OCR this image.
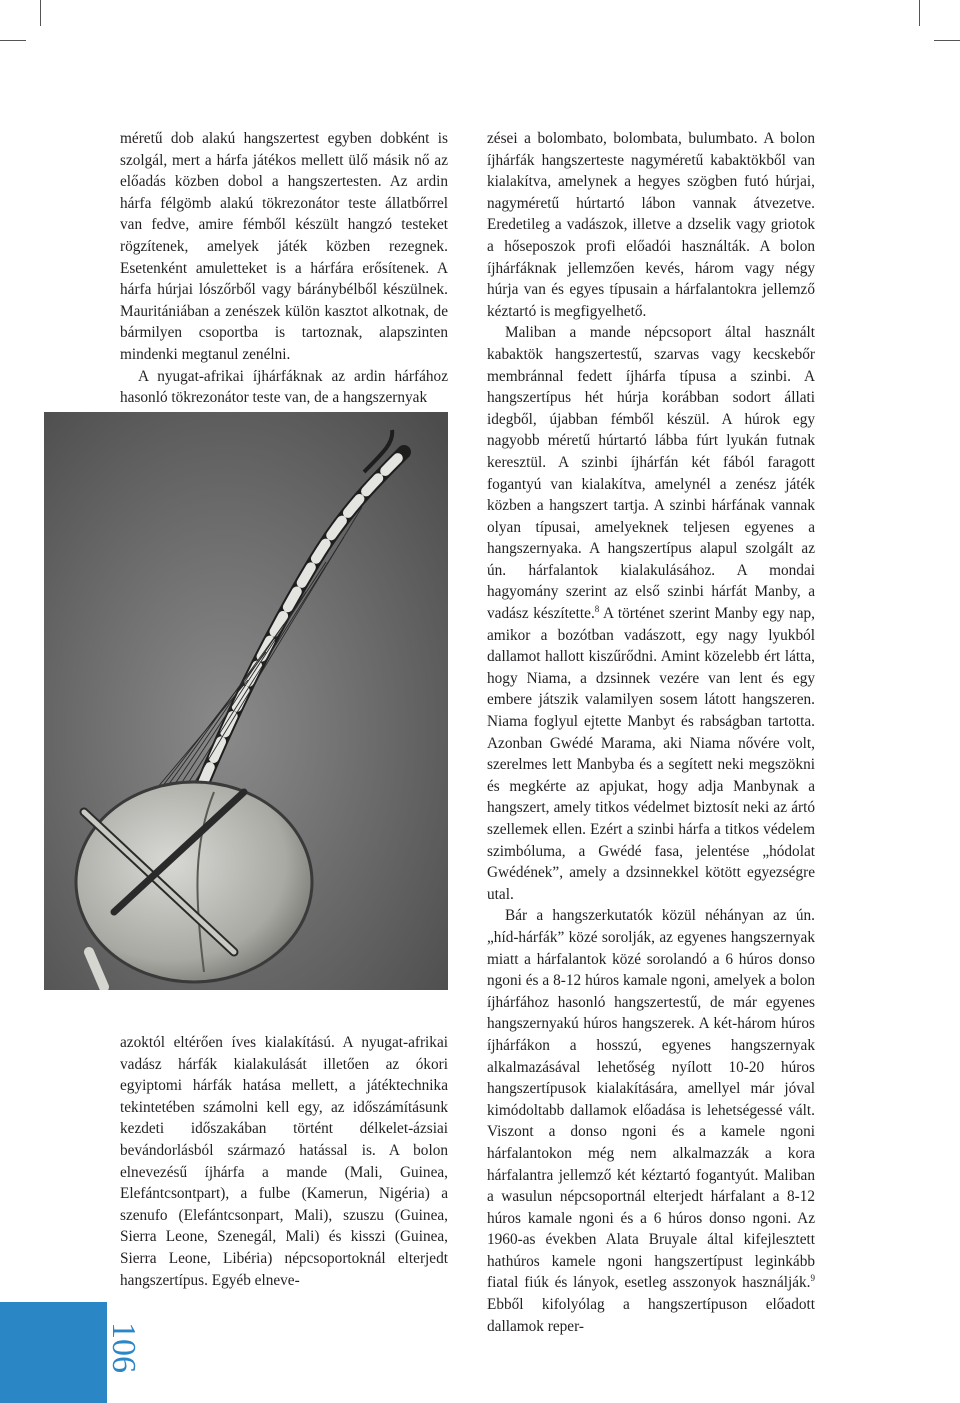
méretű dob alakú hangszertest egyben dobként is szolgál, mert a hárfa játékos mellett ülő másik nő az előadás közben dobol a hangszertesten. Az ardin hárfa félgömb alakú tökrezonátor teste állatbőrrel van fedve, amire fémből készült hangzó testeket rögzítenek, amelyek játék közben rezegnek. Esetenként amuletteket is a hárfára erősítenek. A hárfa húrjai lószőrből vagy báránybélből készülnek. Mauritániában a zenészek külön kasztot alkotnak, de bármilyen csoportba is tartoznak, alapszinten mindenki megtanul zenélni.

A nyugat-afrikai íjhárfáknak az ardin hárfához hasonló tökrezonátor teste van, de a hangszernyak

azoktól eltérően íves kialakítású. A nyugat-afrikai vadász hárfák kialakulását illetően az ókori egyiptomi hárfák hatása mellett, a játéktechnika tekintetében számolni kell egy, az időszámításunk kezdeti időszakában történt délkelet-ázsiai bevándorlásból származó hatással is. A bolon elnevezésű íjhárfa a mande (Mali, Guinea, Elefántcsontpart), a fulbe (Kamerun, Nigéria) a szenufo (Elefántcsonpart, Mali), szuszu (Guinea, Sierra Leone, Szenegál, Mali) és kisszi (Guinea, Sierra Leone, Libéria) népcsoportoknál elterjedt hangszertípus. Egyéb elneve-

zései a bolombato, bolombata, bulumbato. A bolon íjhárfák hangszerteste nagyméretű kabaktökből van kialakítva, amelynek a hegyes szögben futó húrjai, nagyméretű húrtartó lábon vannak átvezetve. Eredetileg a vadászok, illetve a dzselik vagy griotok a hőseposzok profi előadói használták. A bolon íjhárfáknak jellemzően kevés, három vagy négy húrja van és egyes típusain a hárfalantokra jellemző kéztartó is megfigyelhető.

Maliban a mande népcsoport által használt kabaktök hangszertestű, szarvas vagy kecskebőr membránnal fedett íjhárfa típusa a szinbi. A hangszertípus hét húrja korábban sodort állati idegből, újabban fémből készül. A húrok egy nagyobb méretű húrtartó lábba fúrt lyukán futnak keresztül. A szinbi íjhárfán két fából faragott fogantyú van kialakítva, amelynél a zenész játék közben a hangszert tartja. A szinbi hárfának vannak olyan típusai, amelyeknek teljesen egyenes a hangszernyaka. A hangszertípus alapul szolgált az ún. hárfalantok kialakulásához. A mondai hagyomány szerint az első szinbi hárfát Manby, a vadász készítette.$^8$ A történet szerint Manby egy nap, amikor a bozótban vadászott, egy nagy lyukból dallamot hallott kiszűrődni. Amint közelebb ért látta, hogy Niama, a dzsinnek vezére van lent és egy embere játszik valamilyen sosem látott hangszeren. Niama foglyul ejtette Manbyt és rabságban tartotta. Azonban Gwédé Marama, aki Niama nővére volt, szerelmes lett Manbyba és a segített neki megszökni és megkérte az apjukat, hogy adja Manbynak a hangszert, amely titkos védelmet biztosít neki az ártó szellemek ellen. Ezért a szinbi hárfa a titkos védelem szimbóluma, a Gwédé fasa, jelentése „hódolat Gwédének”, amely a dzsinnekkel kötött egyezségre utal.

Bár a hangszerkutatók közül néhányan az ún. „híd-hárfák” közé sorolják, az egyenes hangszernyak miatt a hárfalantok közé sorolandó a 6 húros donso ngoni és a 8-12 húros kamale ngoni, amelyek a bolon íjhárfához hasonló hangszertestű, de már egyenes hangszernyakú húros hangszerek. A két-három húros íjhárfákon a hosszú, egyenes hangszernyak alkalmazásával lehetőség nyílott 10-20 húros hangszertípusok kialakítására, amellyel már jóval kimódoltabb dallamok előadása is lehetségessé vált. Viszont a donso ngoni és a kamele ngoni hárfalantokon még nem alkalmazzák a kora hárfalantra jellemző két kéztartó fogantyút. Maliban a wasulun népcsoportnál elterjedt hárfalant a 8-12 húros kamale ngoni és a 6 húros donso ngoni. Az 1960-as években Alata Bruyale által kifejlesztett hathúros kamele ngoni hangszertípust leginkább fiatal fiúk és lányok, esetleg asszonyok használják.$^9$ Ebből kifolyólag a hangszertípuson előadott dallamok reper-

106
